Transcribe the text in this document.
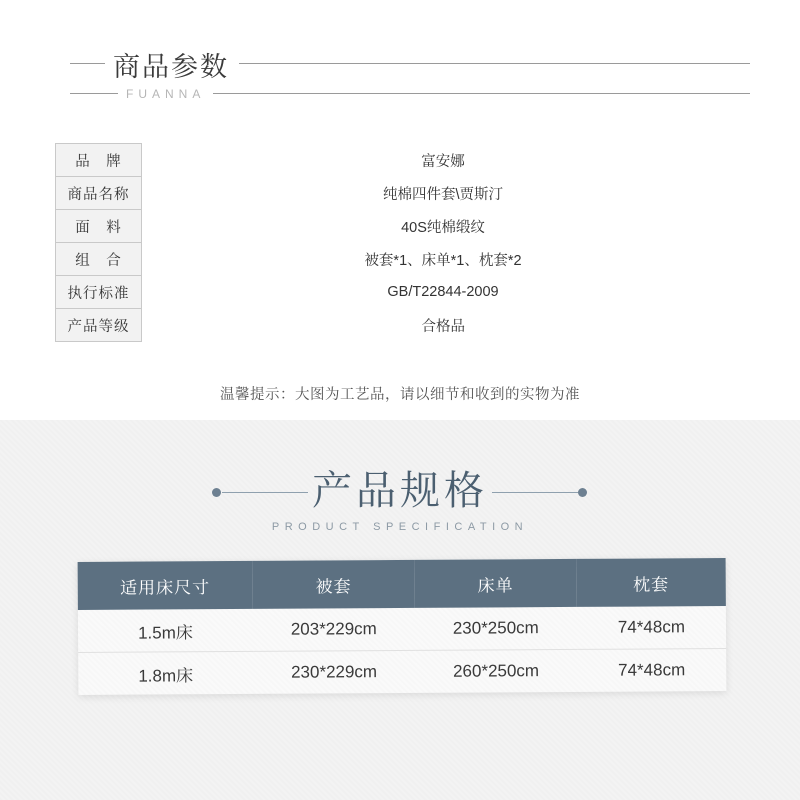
商品参数
FUANNA
品　牌	富安娜
商品名称	纯棉四件套\贾斯汀
面　料	40S纯棉缎纹
组　合	被套*1、床单*1、枕套*2
执行标准	GB/T22844-2009
产品等级	合格品
温馨提示：大图为工艺品，请以细节和收到的实物为准
产品规格
PRODUCT SPECIFICATION
适用床尺寸	被套	床单	枕套
1.5m床	203*229cm	230*250cm	74*48cm
1.8m床	230*229cm	260*250cm	74*48cm
